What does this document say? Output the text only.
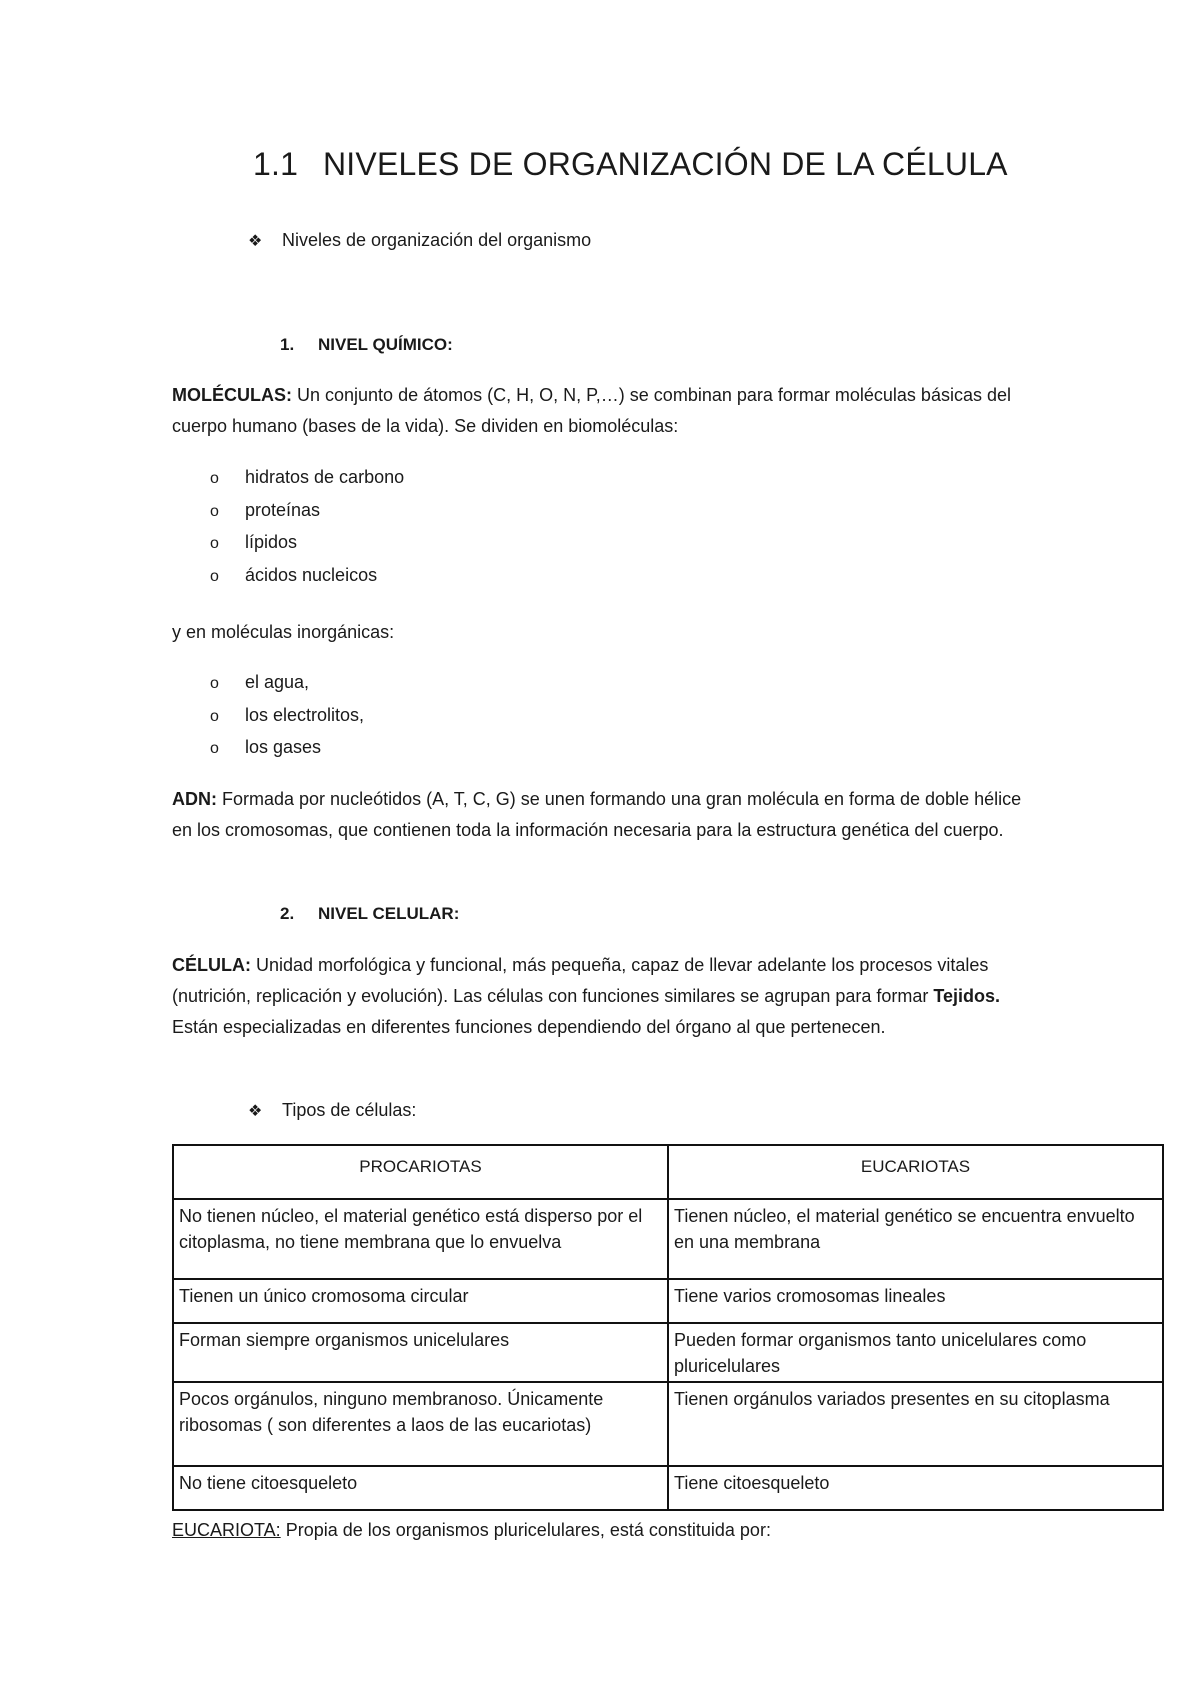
1.1 NIVELES DE ORGANIZACIÓN DE LA CÉLULA
❖ Niveles de organización del organismo
1. NIVEL QUÍMICO:
MOLÉCULAS: Un conjunto de átomos (C, H, O, N, P,…) se combinan para formar moléculas básicas del cuerpo humano (bases de la vida). Se dividen en biomoléculas:
o hidratos de carbono
o proteínas
o lípidos
o ácidos nucleicos
y en moléculas inorgánicas:
o el agua,
o los electrolitos,
o los gases
ADN: Formada por nucleótidos (A, T, C, G) se unen formando una gran molécula en forma de doble hélice en los cromosomas, que contienen toda la información necesaria para la estructura genética del cuerpo.
2. NIVEL CELULAR:
CÉLULA: Unidad morfológica y funcional, más pequeña, capaz de llevar adelante los procesos vitales (nutrición, replicación y evolución). Las células con funciones similares se agrupan para formar Tejidos. Están especializadas en diferentes funciones dependiendo del órgano al que pertenecen.
❖ Tipos de células:
PROCARIOTAS	EUCARIOTAS
No tienen núcleo, el material genético está disperso por el citoplasma, no tiene membrana que lo envuelva	Tienen núcleo, el material genético se encuentra envuelto en una membrana
Tienen un único cromosoma circular	Tiene varios cromosomas lineales
Forman siempre organismos unicelulares	Pueden formar organismos tanto unicelulares como pluricelulares
Pocos orgánulos, ninguno membranoso. Únicamente ribosomas ( son diferentes a laos de las eucariotas)	Tienen orgánulos variados presentes en su citoplasma
No tiene citoesqueleto	Tiene citoesqueleto
EUCARIOTA: Propia de los organismos pluricelulares, está constituida por:
